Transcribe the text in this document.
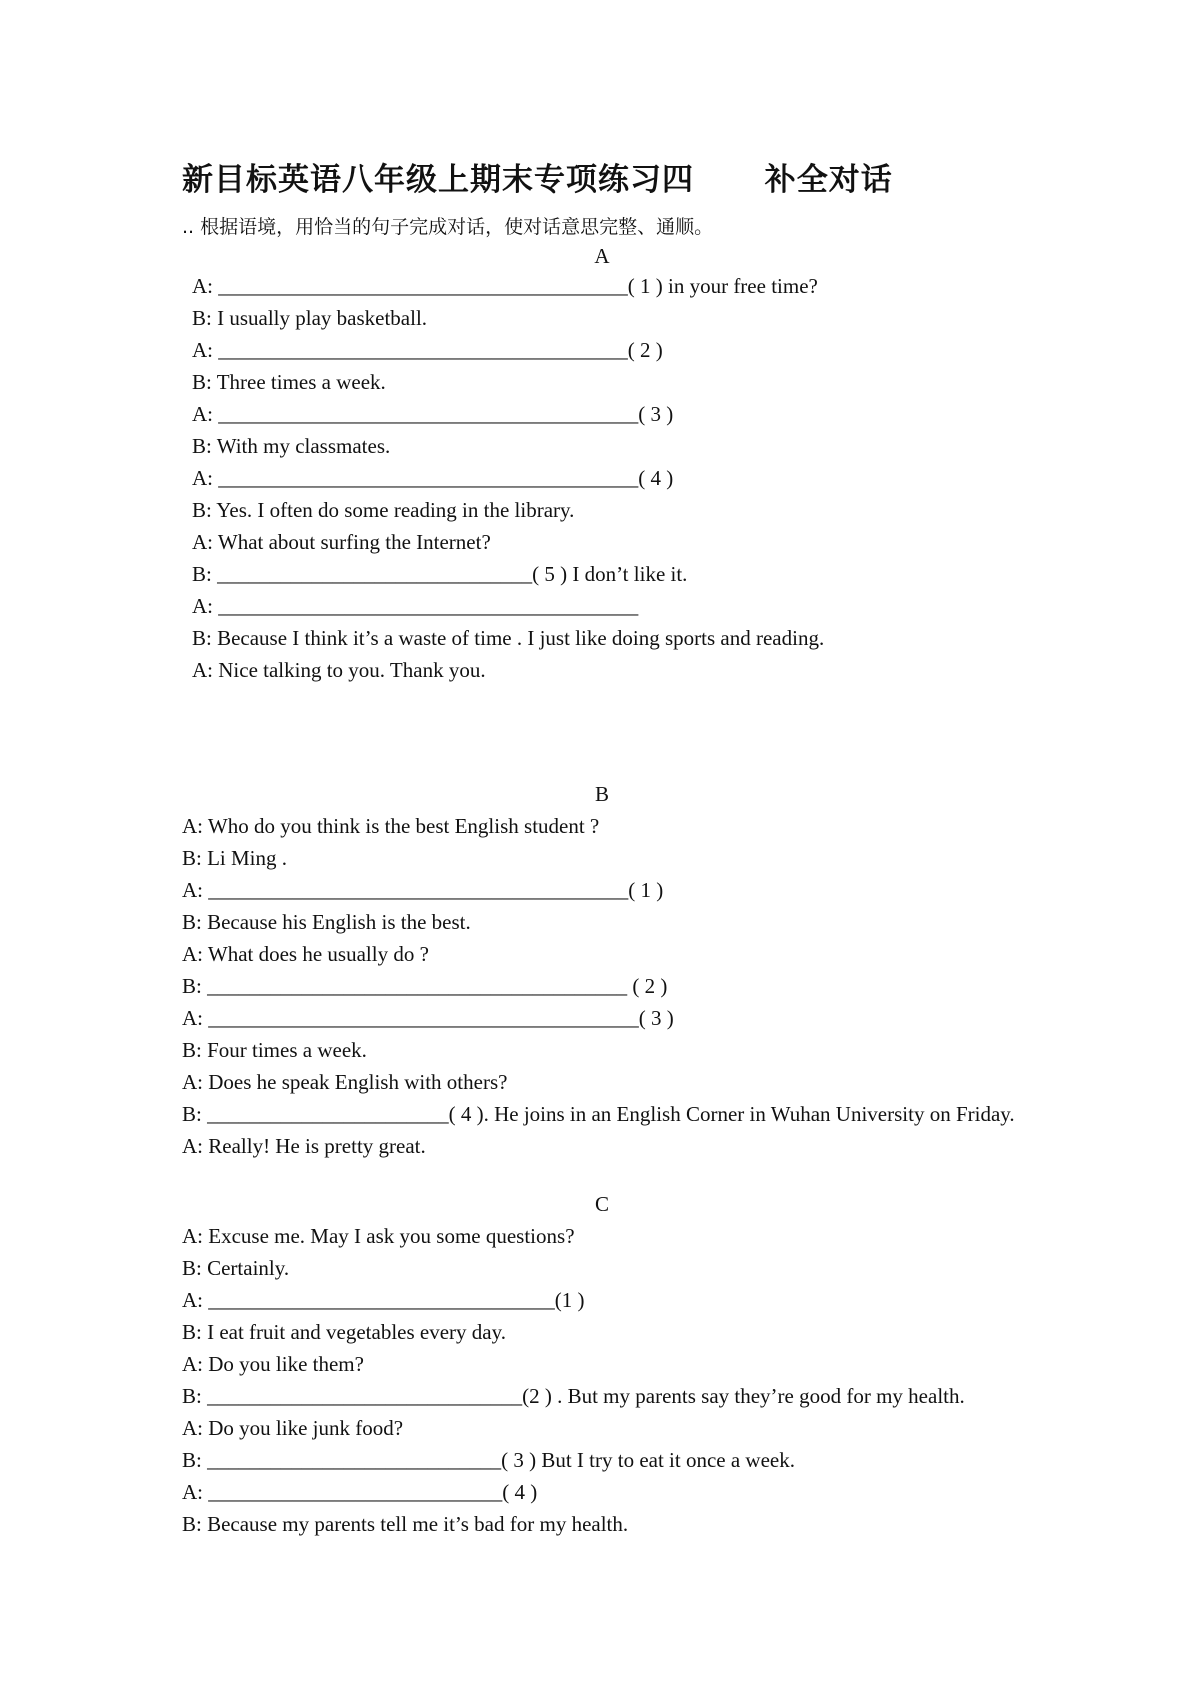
新目标英语八年级上期末专项练习四      补全对话
.. 根据语境，用恰当的句子完成对话，使对话意思完整、通顺。
A
A: _______________________________________( 1 ) in your free time?
B: I usually play basketball.
A: _______________________________________( 2 )
B: Three times a week.
A: ________________________________________( 3 )
B: With my classmates.
A: ________________________________________( 4 )
B: Yes. I often do some reading in the library.
A: What about surfing the Internet?
B: ______________________________( 5 ) I don’t like it.
A: ________________________________________
B: Because I think it’s a waste of time . I just like doing sports and reading.
A: Nice talking to you. Thank you.
B
A: Who do you think is the best English student ?
B: Li Ming .
A: ________________________________________( 1 )
B: Because his English is the best.
A: What does he usually do ?
B: ________________________________________ ( 2 )
A: _________________________________________( 3 )
B: Four times a week.
A: Does he speak English with others?
B: _______________________( 4 ). He joins in an English Corner in Wuhan University on Friday.
A: Really! He is pretty great.
C
A: Excuse me. May I ask you some questions?
B: Certainly.
A: _________________________________(1 )
B: I eat fruit and vegetables every day.
A: Do you like them?
B: ______________________________(2 ) . But my parents say they’re good for my health.
A: Do you like junk food?
B: ____________________________( 3 ) But I try to eat it once a week.
A: ____________________________( 4 )
B: Because my parents tell me it’s bad for my health.
